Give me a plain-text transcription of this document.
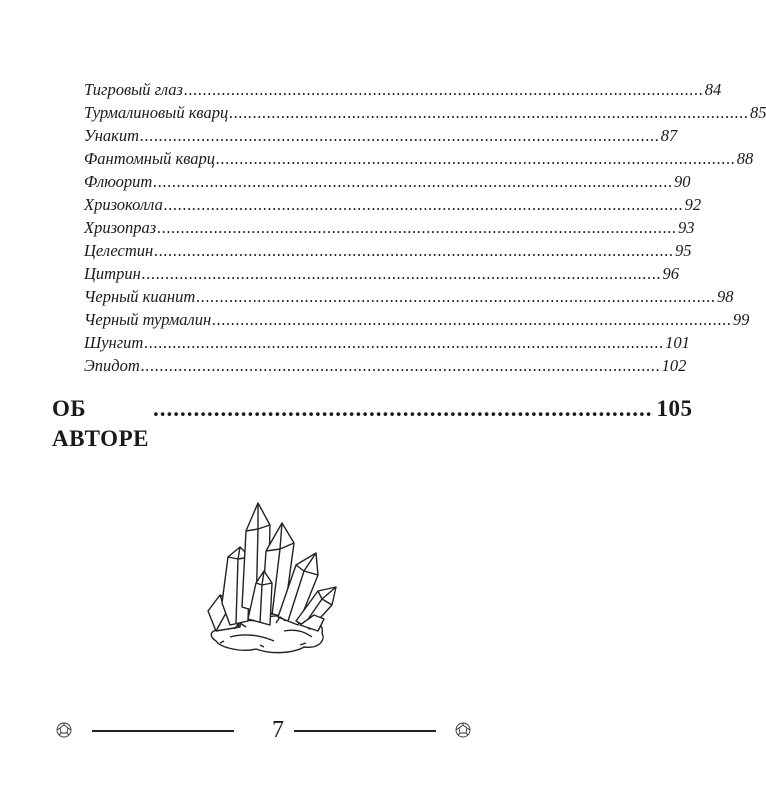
Тигровый глаз .............................................................................................................. 84
Турмалиновый кварц .............................................................................................................. 85
Унакит .............................................................................................................. 87
Фантомный кварц .............................................................................................................. 88
Флюорит .............................................................................................................. 90
Хризоколла .............................................................................................................. 92
Хризопраз .............................................................................................................. 93
Целестин .............................................................................................................. 95
Цитрин .............................................................................................................. 96
Черный кианит .............................................................................................................. 98
Черный турмалин .............................................................................................................. 99
Шунгит .............................................................................................................. 101
Эпидот .............................................................................................................. 102
ОБ АВТОРЕ
.......................................................................... 105
7
